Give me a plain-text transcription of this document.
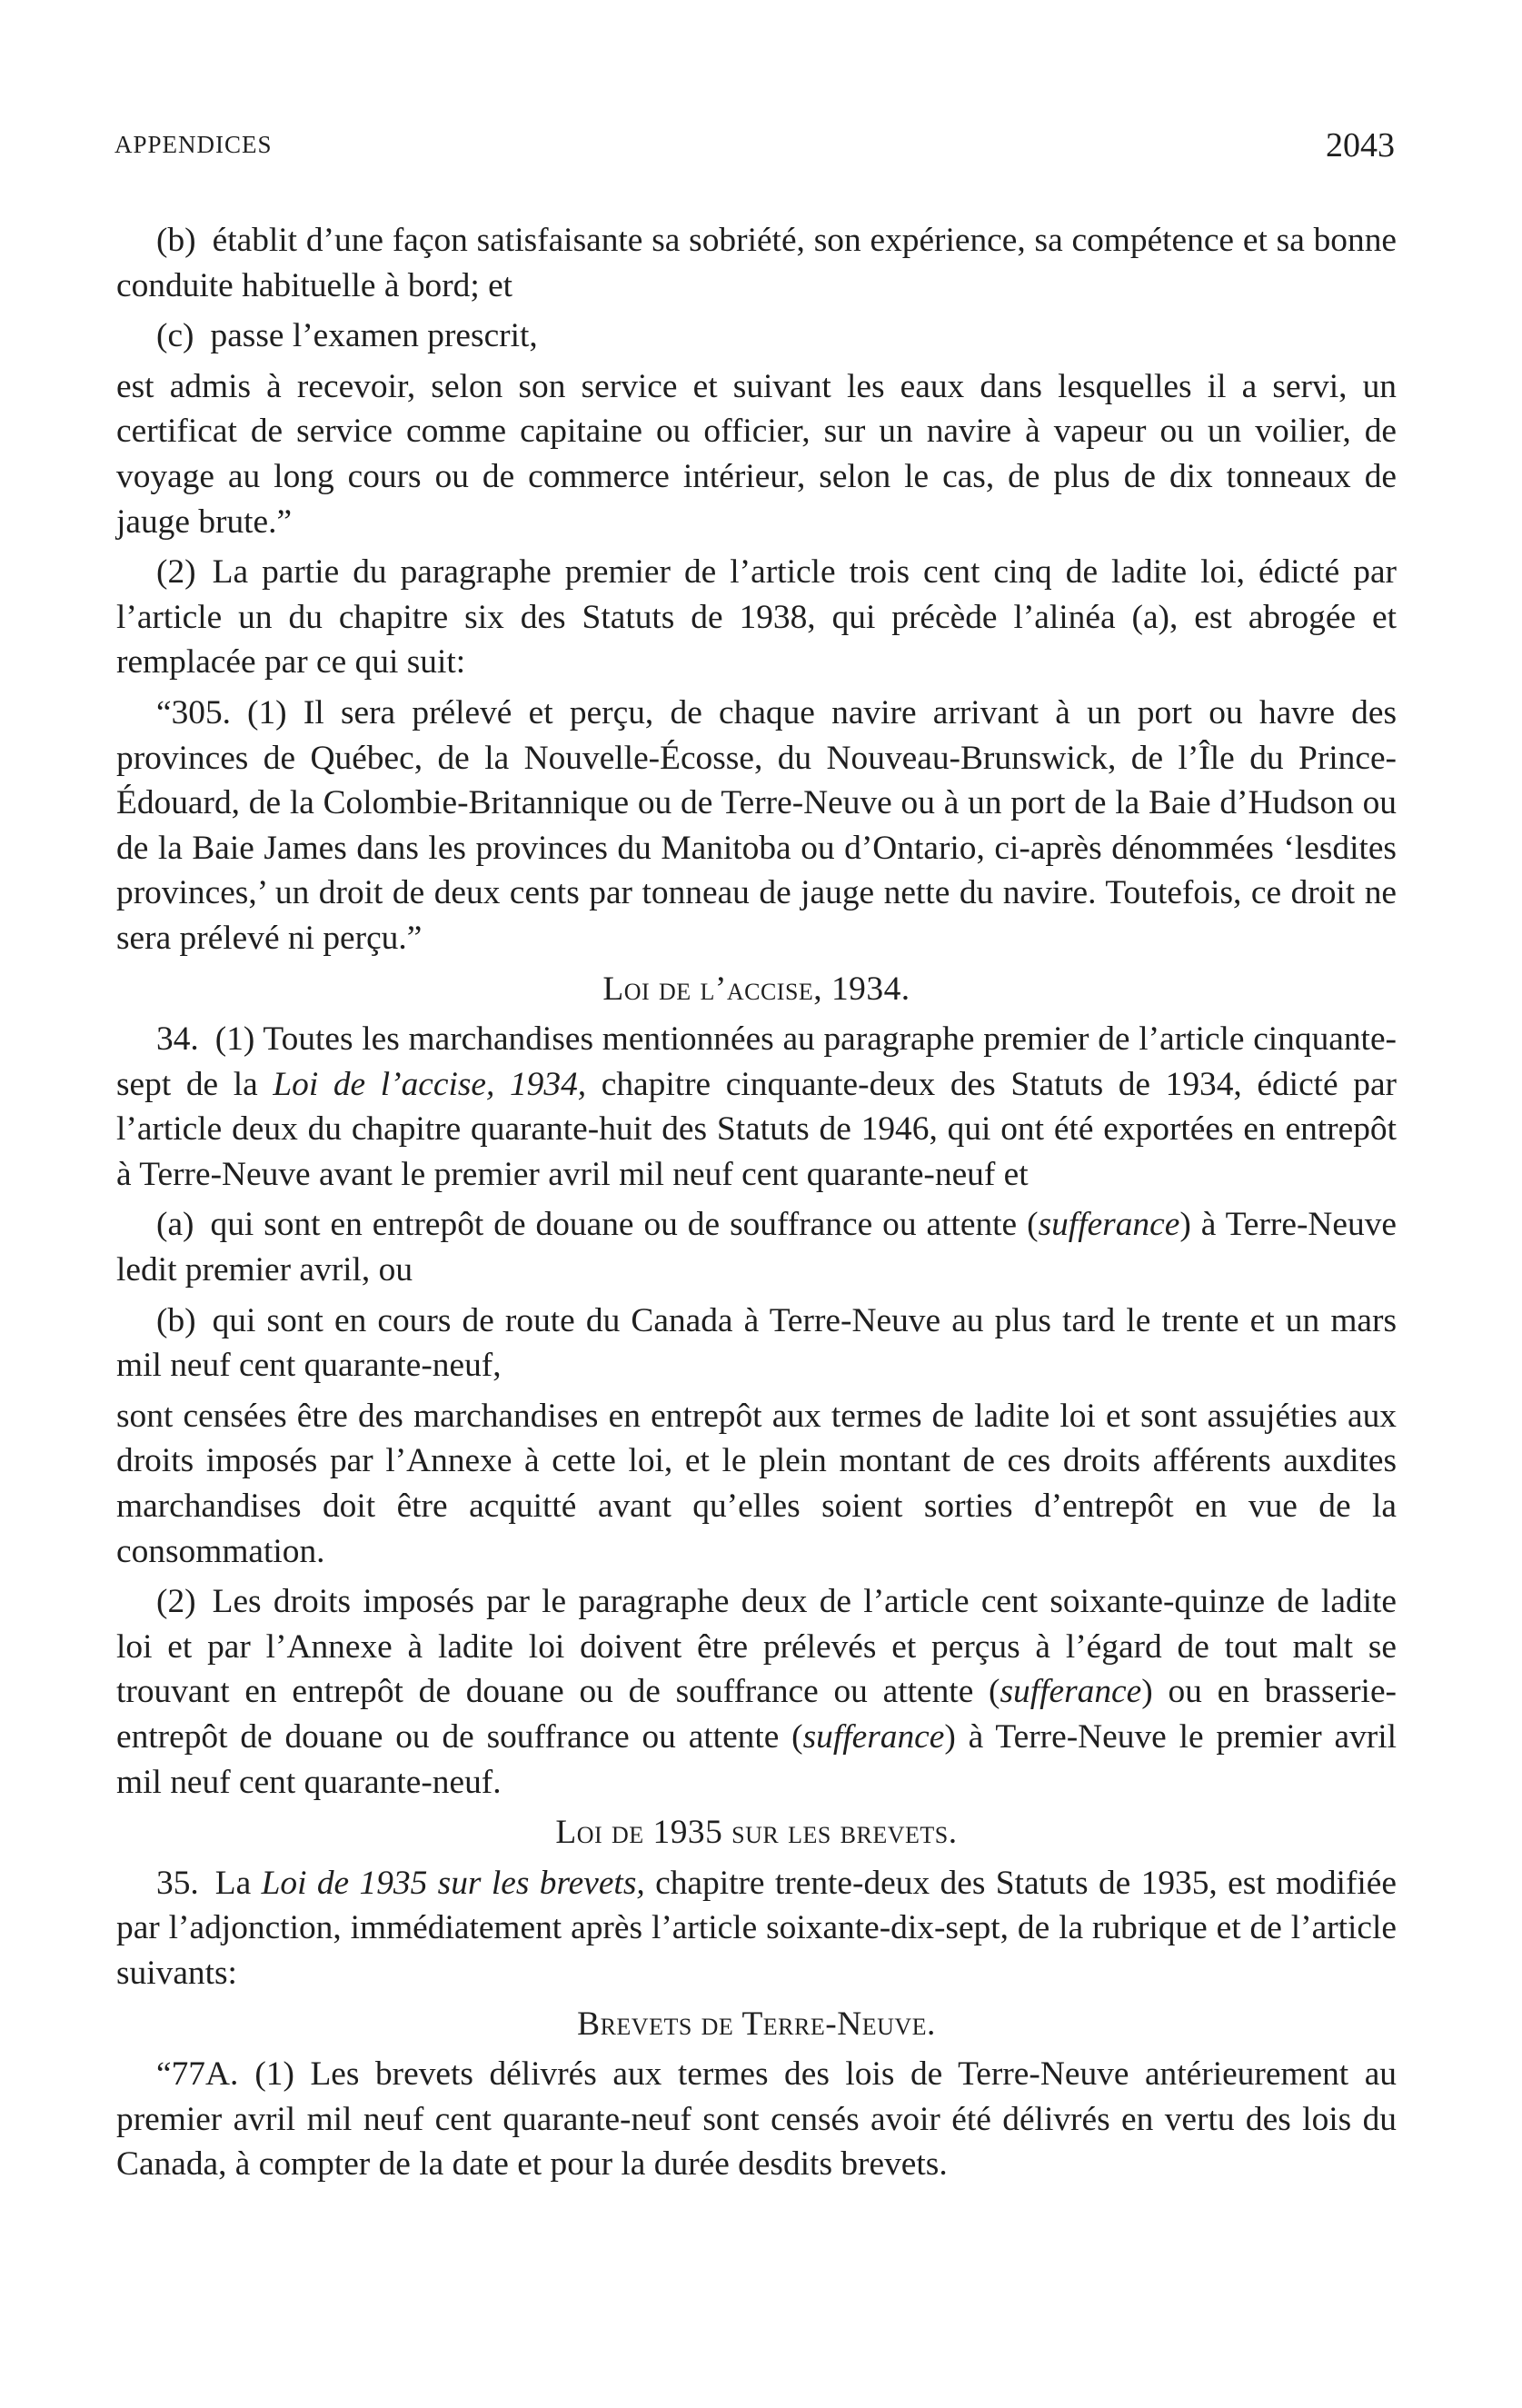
APPENDICES	2043

(b) établit d’une façon satisfaisante sa sobriété, son expérience, sa compétence et sa bonne conduite habituelle à bord; et

(c) passe l’examen prescrit,

est admis à recevoir, selon son service et suivant les eaux dans lesquelles il a servi, un certificat de service comme capitaine ou officier, sur un navire à vapeur ou un voilier, de voyage au long cours ou de commerce intérieur, selon le cas, de plus de dix tonneaux de jauge brute.”

(2) La partie du paragraphe premier de l’article trois cent cinq de ladite loi, édicté par l’article un du chapitre six des Statuts de 1938, qui précède l’alinéa (a), est abrogée et remplacée par ce qui suit:

“305. (1) Il sera prélevé et perçu, de chaque navire arrivant à un port ou havre des provinces de Québec, de la Nouvelle-Écosse, du Nouveau-Brunswick, de l’Île du Prince-Édouard, de la Colombie-Britannique ou de Terre-Neuve ou à un port de la Baie d’Hudson ou de la Baie James dans les provinces du Manitoba ou d’Ontario, ci-après dénommées ‘lesdites provinces,’ un droit de deux cents par tonneau de jauge nette du navire. Toutefois, ce droit ne sera prélevé ni perçu.”

Loi de l’accise, 1934.

34. (1) Toutes les marchandises mentionnées au paragraphe premier de l’article cinquante-sept de la Loi de l’accise, 1934, chapitre cinquante-deux des Statuts de 1934, édicté par l’article deux du chapitre quarante-huit des Statuts de 1946, qui ont été exportées en entrepôt à Terre-Neuve avant le premier avril mil neuf cent quarante-neuf et

(a) qui sont en entrepôt de douane ou de souffrance ou attente (sufferance) à Terre-Neuve ledit premier avril, ou

(b) qui sont en cours de route du Canada à Terre-Neuve au plus tard le trente et un mars mil neuf cent quarante-neuf,

sont censées être des marchandises en entrepôt aux termes de ladite loi et sont assujéties aux droits imposés par l’Annexe à cette loi, et le plein montant de ces droits afférents auxdites marchandises doit être acquitté avant qu’elles soient sorties d’entrepôt en vue de la consommation.

(2) Les droits imposés par le paragraphe deux de l’article cent soixante-quinze de ladite loi et par l’Annexe à ladite loi doivent être prélevés et perçus à l’égard de tout malt se trouvant en entrepôt de douane ou de souffrance ou attente (sufferance) ou en brasserie-entrepôt de douane ou de souffrance ou attente (sufferance) à Terre-Neuve le premier avril mil neuf cent quarante-neuf.

Loi de 1935 sur les brevets.

35. La Loi de 1935 sur les brevets, chapitre trente-deux des Statuts de 1935, est modifiée par l’adjonction, immédiatement après l’article soixante-dix-sept, de la rubrique et de l’article suivants:

Brevets de Terre-Neuve.

“77A. (1) Les brevets délivrés aux termes des lois de Terre-Neuve antérieurement au premier avril mil neuf cent quarante-neuf sont censés avoir été délivrés en vertu des lois du Canada, à compter de la date et pour la durée desdits brevets.
